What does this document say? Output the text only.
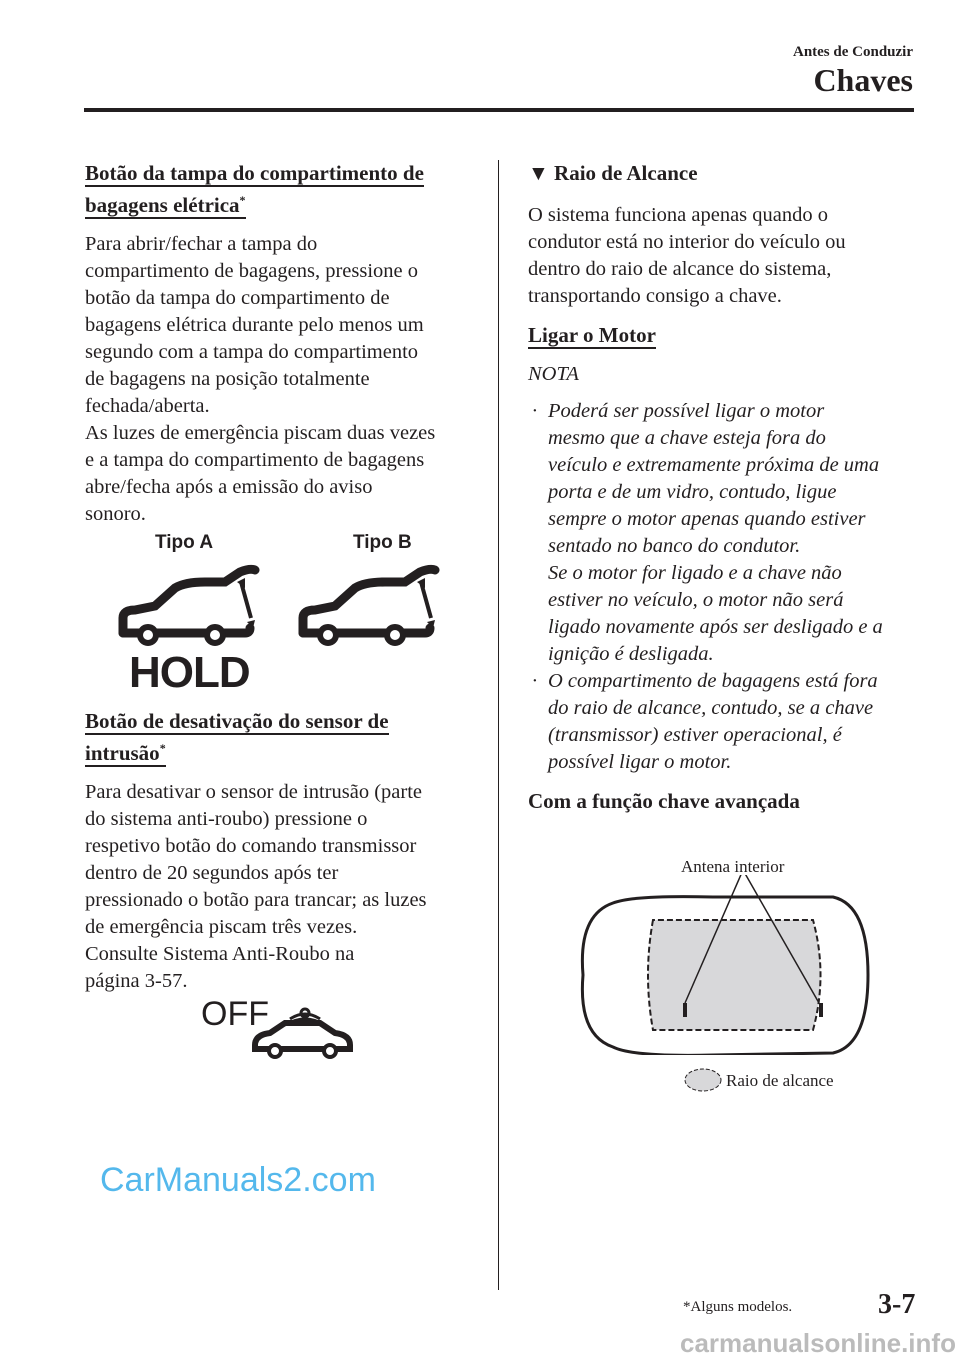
Antes de Conduzir
Chaves
Botão da tampa do compartimento de
bagagens elétrica*
Para abrir/fechar a tampa do
compartimento de bagagens, pressione o
botão da tampa do compartimento de
bagagens elétrica durante pelo menos um
segundo com a tampa do compartimento
de bagagens na posição totalmente
fechada/aberta.
As luzes de emergência piscam duas vezes
e a tampa do compartimento de bagagens
abre/fecha após a emissão do aviso
sonoro.
Tipo A	Tipo B
HOLD
Botão de desativação do sensor de
intrusão*
Para desativar o sensor de intrusão (parte
do sistema anti-roubo) pressione o
respetivo botão do comando transmissor
dentro de 20 segundos após ter
pressionado o botão para trancar; as luzes
de emergência piscam três vezes.
Consulte Sistema Anti-Roubo na
página 3-57.
OFF
▼ Raio de Alcance
O sistema funciona apenas quando o
condutor está no interior do veículo ou
dentro do raio de alcance do sistema,
transportando consigo a chave.
Ligar o Motor
NOTA
· Poderá ser possível ligar o motor
mesmo que a chave esteja fora do
veículo e extremamente próxima de uma
porta e de um vidro, contudo, ligue
sempre o motor apenas quando estiver
sentado no banco do condutor.
Se o motor for ligado e a chave não
estiver no veículo, o motor não será
ligado novamente após ser desligado e a
ignição é desligada.
· O compartimento de bagagens está fora
do raio de alcance, contudo, se a chave
(transmissor) estiver operacional, é
possível ligar o motor.
Com a função chave avançada
Antena interior
Raio de alcance
*Alguns modelos.	3-7
CarManuals2.com
carmanualsonline.info
